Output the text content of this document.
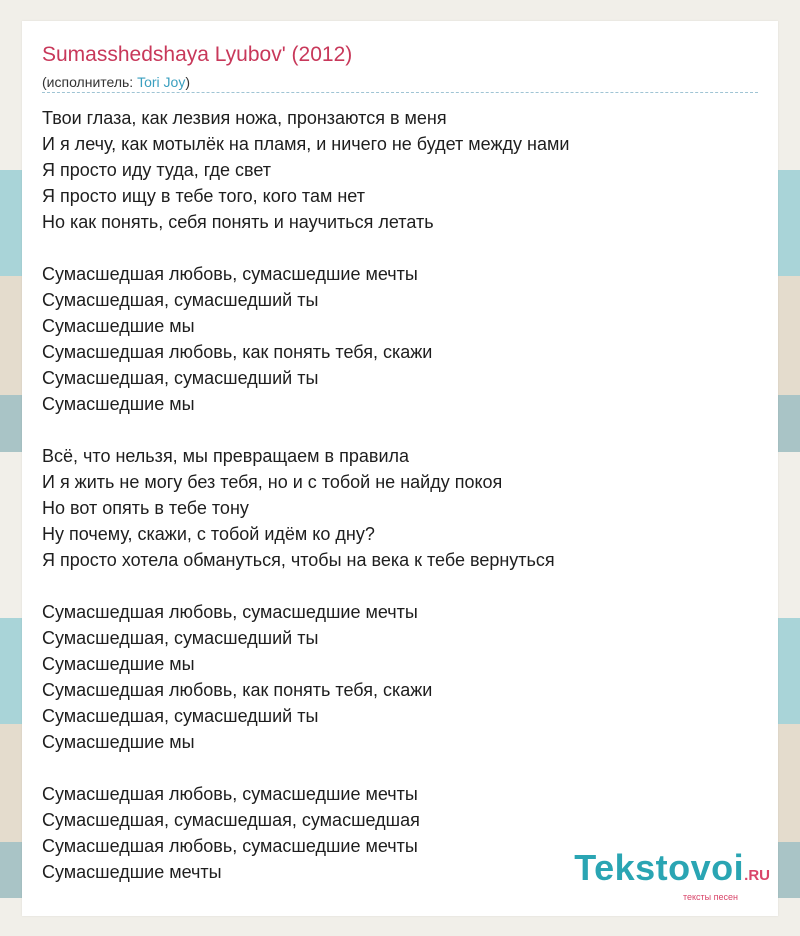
Sumasshedshaya Lyubov' (2012)
(исполнитель: Tori Joy)
Твои глаза, как лезвия ножа, пронзаются в меня
И я лечу, как мотылёк на пламя, и ничего не будет между нами
Я просто иду туда, где свет
Я просто ищу в тебе того, кого там нет
Но как понять, себя понять и научиться летать
Сумасшедшая любовь, сумасшедшие мечты
Сумасшедшая, сумасшедший ты
Сумасшедшие мы
Сумасшедшая любовь, как понять тебя, скажи
Сумасшедшая, сумасшедший ты
Сумасшедшие мы
Всё, что нельзя, мы превращаем в правила
И я жить не могу без тебя, но и с тобой не найду покоя
Но вот опять в тебе тону
Ну почему, скажи, с тобой идём ко дну?
Я просто хотела обмануться, чтобы на века к тебе вернуться
Сумасшедшая любовь, сумасшедшие мечты
Сумасшедшая, сумасшедший ты
Сумасшедшие мы
Сумасшедшая любовь, как понять тебя, скажи
Сумасшедшая, сумасшедший ты
Сумасшедшие мы
Сумасшедшая любовь, сумасшедшие мечты
Сумасшедшая, сумасшедшая, сумасшедшая
Сумасшедшая любовь, сумасшедшие мечты
Сумасшедшие мечты	Tekstovoi.RU
тексты песен
